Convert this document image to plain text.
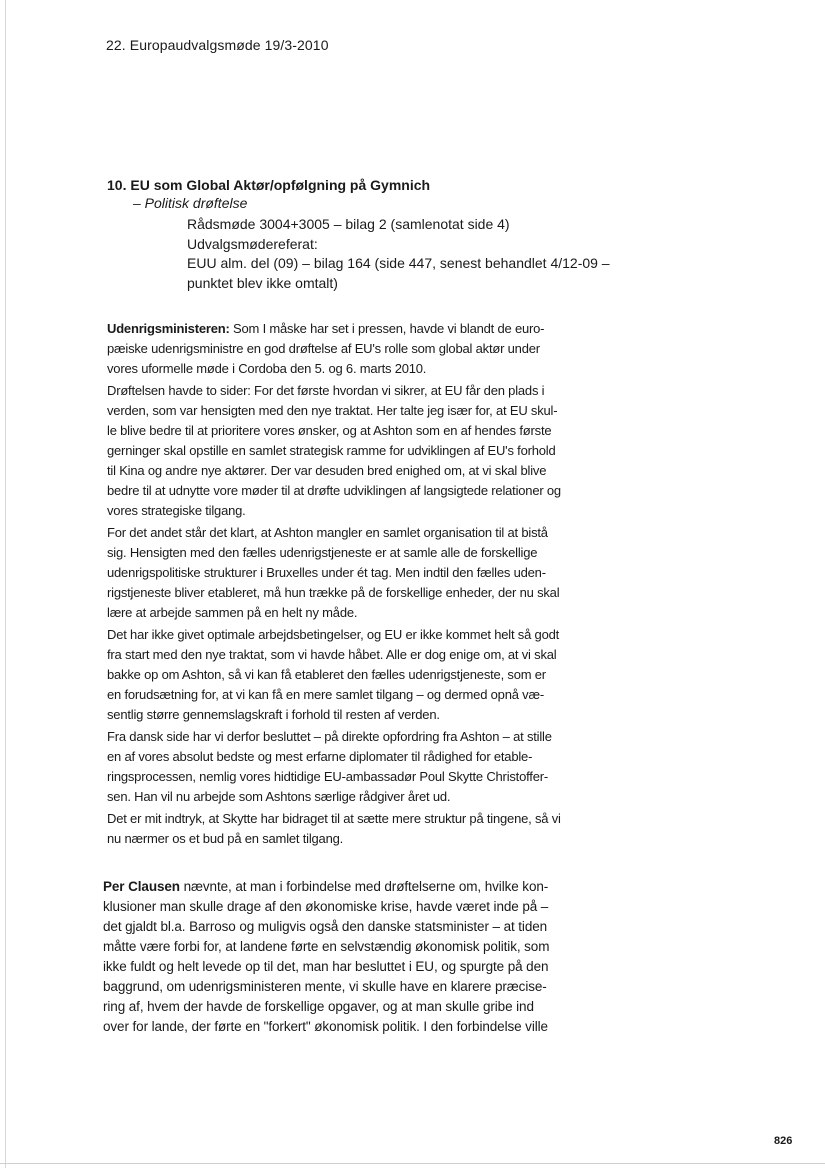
22. Europaudvalgsmøde 19/3-2010
10. EU som Global Aktør/opfølgning på Gymnich
– Politisk drøftelse
Rådsmøde 3004+3005 – bilag 2 (samlenotat side 4)
Udvalgsmødereferat:
EUU alm. del (09) – bilag 164 (side 447, senest behandlet 4/12-09 –
punktet blev ikke omtalt)

Udenrigsministeren: Som I måske har set i pressen, havde vi blandt de euro-
pæiske udenrigsministre en god drøftelse af EU's rolle som global aktør under
vores uformelle møde i Cordoba den 5. og 6. marts 2010.

Drøftelsen havde to sider: For det første hvordan vi sikrer, at EU får den plads i
verden, som var hensigten med den nye traktat. Her talte jeg især for, at EU skul-
le blive bedre til at prioritere vores ønsker, og at Ashton som en af hendes første
gerninger skal opstille en samlet strategisk ramme for udviklingen af EU's forhold
til Kina og andre nye aktører. Der var desuden bred enighed om, at vi skal blive
bedre til at udnytte vore møder til at drøfte udviklingen af langsigtede relationer og
vores strategiske tilgang.

For det andet står det klart, at Ashton mangler en samlet organisation til at bistå
sig. Hensigten med den fælles udenrigstjeneste er at samle alle de forskellige
udenrigspolitiske strukturer i Bruxelles under ét tag. Men indtil den fælles uden-
rigstjeneste bliver etableret, må hun trække på de forskellige enheder, der nu skal
lære at arbejde sammen på en helt ny måde.

Det har ikke givet optimale arbejdsbetingelser, og EU er ikke kommet helt så godt
fra start med den nye traktat, som vi havde håbet. Alle er dog enige om, at vi skal
bakke op om Ashton, så vi kan få etableret den fælles udenrigstjeneste, som er
en forudsætning for, at vi kan få en mere samlet tilgang – og dermed opnå væ-
sentlig større gennemslagskraft i forhold til resten af verden.

Fra dansk side har vi derfor besluttet – på direkte opfordring fra Ashton – at stille
en af vores absolut bedste og mest erfarne diplomater til rådighed for etable-
ringsprocessen, nemlig vores hidtidige EU-ambassadør Poul Skytte Christoffer-
sen. Han vil nu arbejde som Ashtons særlige rådgiver året ud.

Det er mit indtryk, at Skytte har bidraget til at sætte mere struktur på tingene, så vi
nu nærmer os et bud på en samlet tilgang.

Per Clausen nævnte, at man i forbindelse med drøftelserne om, hvilke kon-
klusioner man skulle drage af den økonomiske krise, havde været inde på –
det gjaldt bl.a. Barroso og muligvis også den danske statsminister – at tiden
måtte være forbi for, at landene førte en selvstændig økonomisk politik, som
ikke fuldt og helt levede op til det, man har besluttet i EU, og spurgte på den
baggrund, om udenrigsministeren mente, vi skulle have en klarere præcise-
ring af, hvem der havde de forskellige opgaver, og at man skulle gribe ind
over for lande, der førte en "forkert" økonomisk politik. I den forbindelse ville

826
